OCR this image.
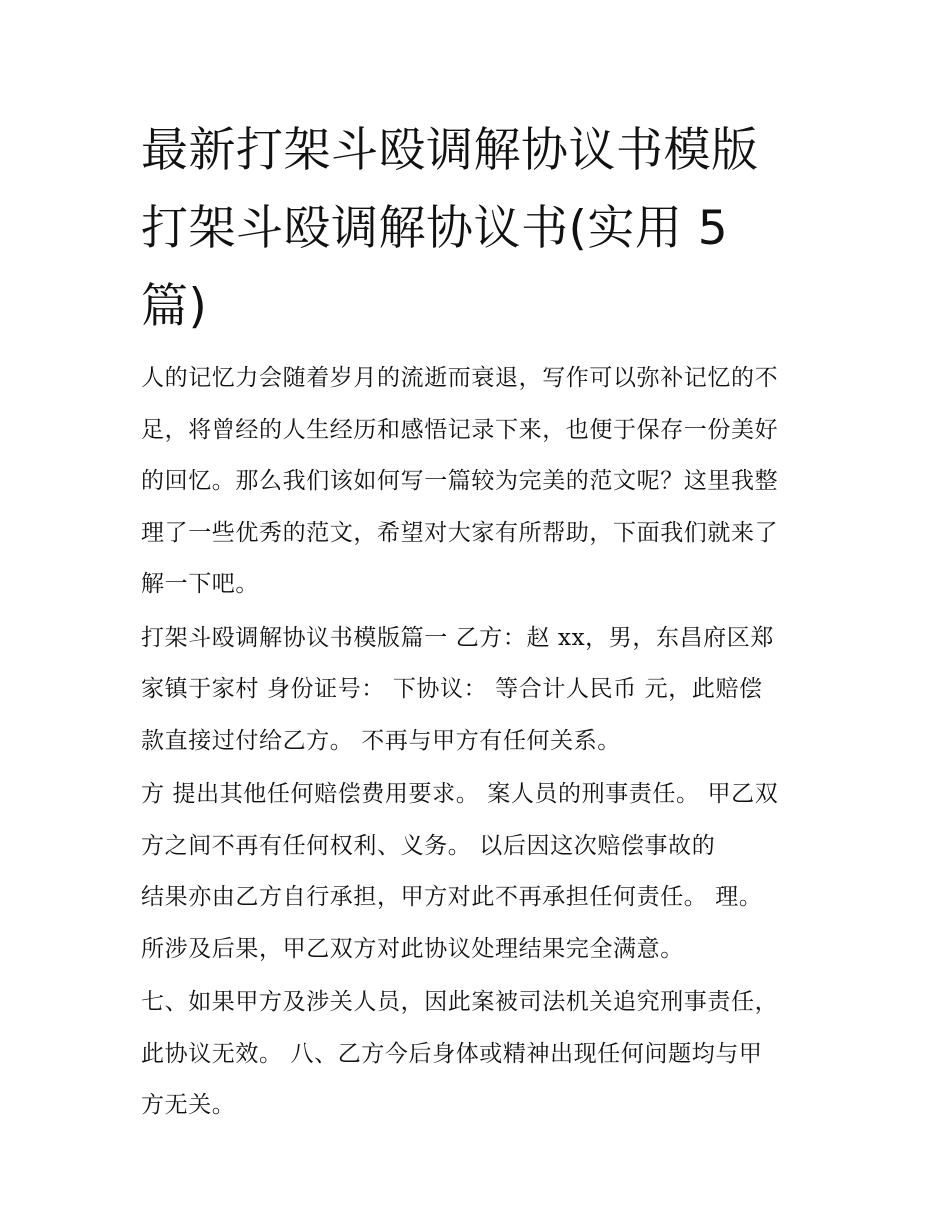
最新打架斗殴调解协议书模版
打架斗殴调解协议书(实用 5
篇)

人的记忆力会随着岁月的流逝而衰退，写作可以弥补记忆的不
足，将曾经的人生经历和感悟记录下来，也便于保存一份美好
的回忆。那么我们该如何写一篇较为完美的范文呢？这里我整
理了一些优秀的范文，希望对大家有所帮助，下面我们就来了
解一下吧。

打架斗殴调解协议书模版篇一 乙方：赵 xx，男，东昌府区郑
家镇于家村 身份证号： 下协议： 等合计人民币 元，此赔偿
款直接过付给乙方。 不再与甲方有任何关系。

方 提出其他任何赔偿费用要求。 案人员的刑事责任。 甲乙双
方之间不再有任何权利、义务。 以后因这次赔偿事故的
结果亦由乙方自行承担，甲方对此不再承担任何责任。 理。
所涉及后果，甲乙双方对此协议处理结果完全满意。

七、如果甲方及涉关人员，因此案被司法机关追究刑事责任，
此协议无效。 八、乙方今后身体或精神出现任何问题均与甲
方无关。
